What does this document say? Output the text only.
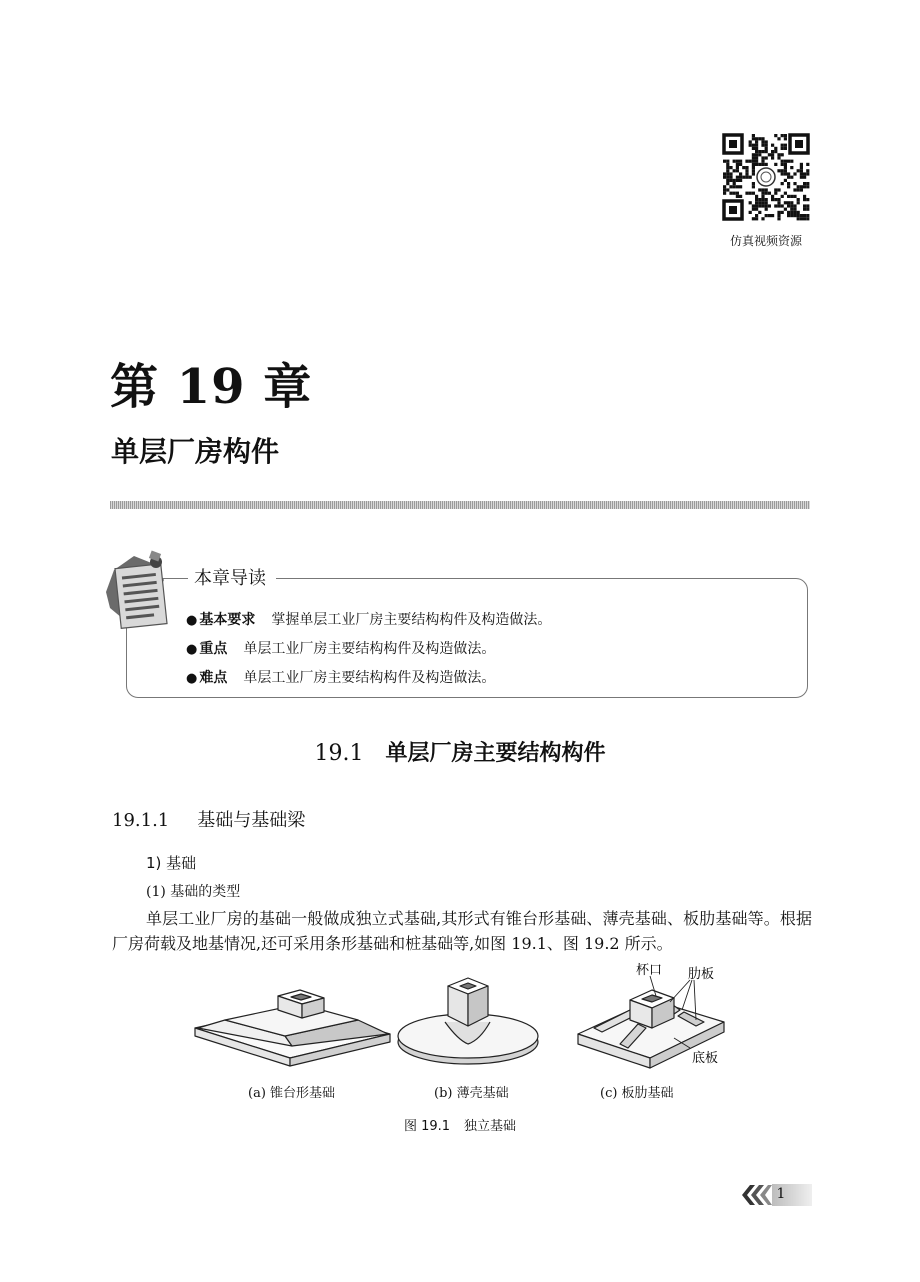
仿真视频资源
第 19 章
单层厂房构件
本章导读
● 基本要求 掌握单层工业厂房主要结构构件及构造做法。
● 重点 单层工业厂房主要结构构件及构造做法。
● 难点 单层工业厂房主要结构构件及构造做法。
19.1 单层厂房主要结构构件
19.1.1 基础与基础梁
1) 基础
(1) 基础的类型
单层工业厂房的基础一般做成独立式基础,其形式有锥台形基础、薄壳基础、板肋基础等。根据厂房荷载及地基情况,还可采用条形基础和桩基础等,如图 19.1、图 19.2 所示。
杯口 肋板
底板
(a) 锥台形基础	(b) 薄壳基础	(c) 板肋基础
图 19.1 独立基础
1
